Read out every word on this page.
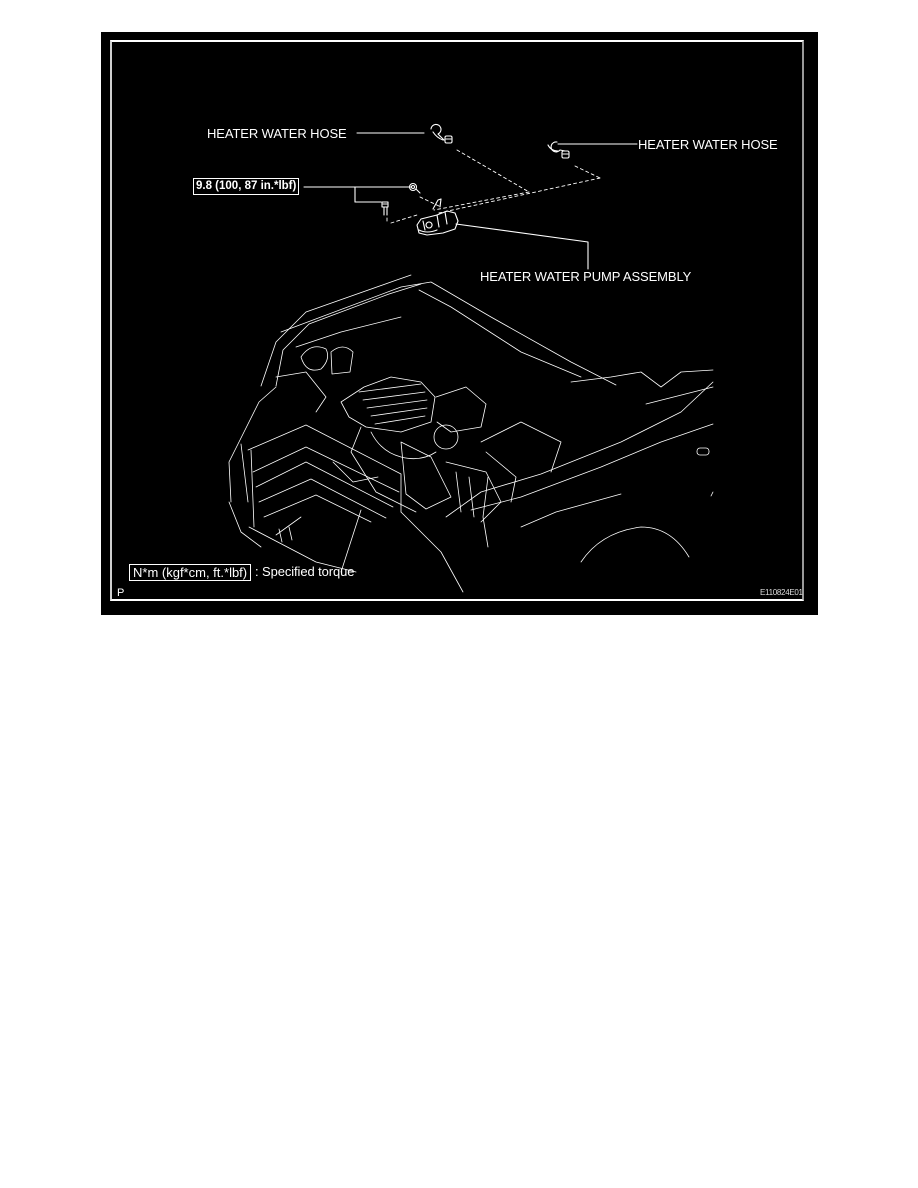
HEATER WATER HOSE
HEATER WATER HOSE
9.8 (100, 87 in.*lbf)
HEATER WATER PUMP ASSEMBLY
N*m (kgf*cm, ft.*lbf) : Specified torque
P	E110824E01
